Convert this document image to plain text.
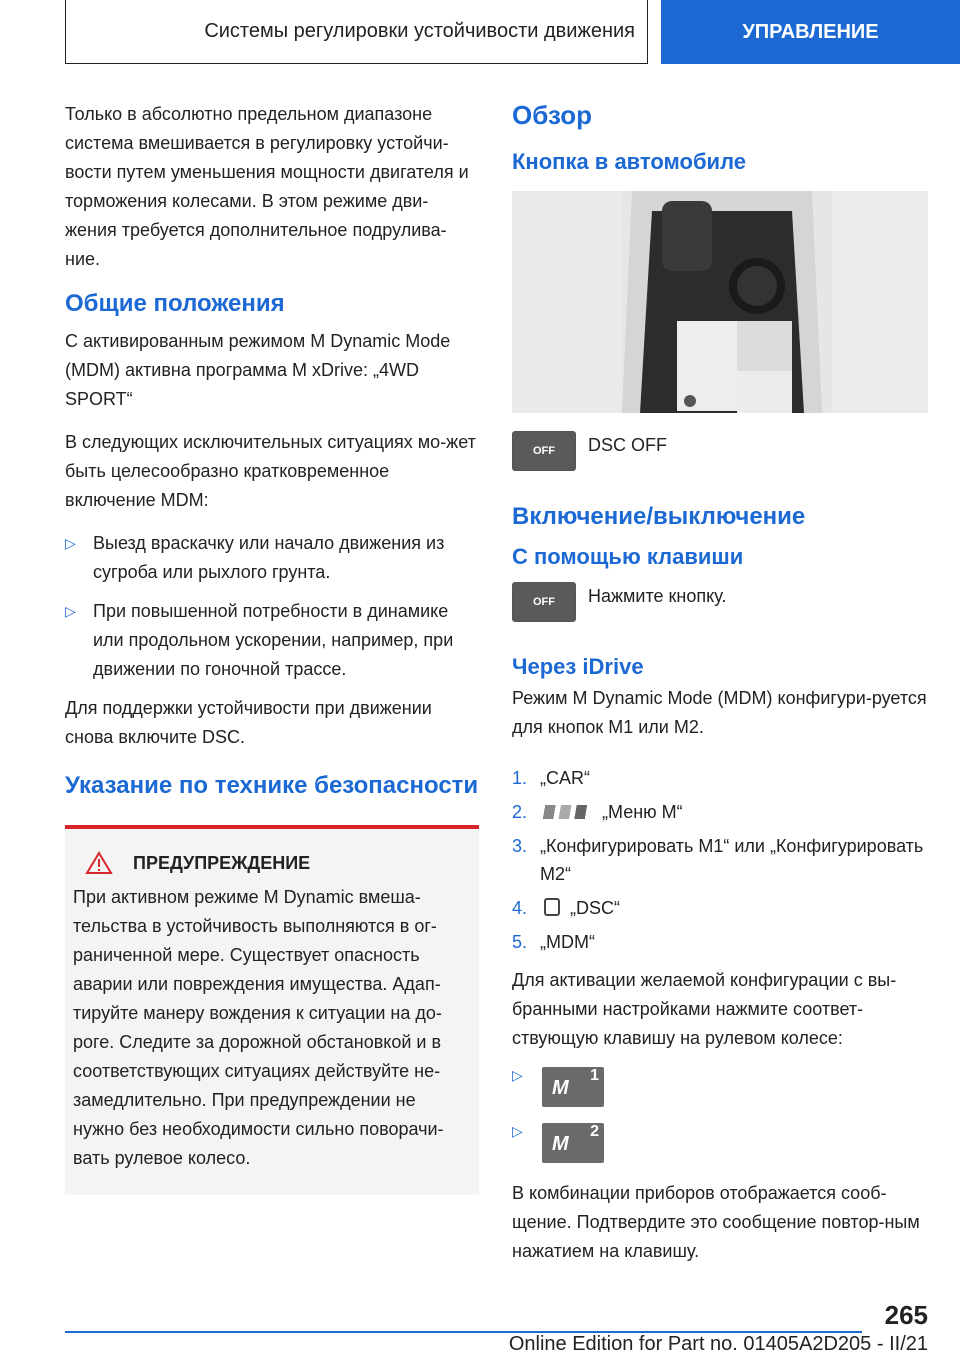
Системы регулировки устойчивости движения	УПРАВЛЕНИЕ

Только в абсолютно предельном диапазоне система вмешивается в регулировку устойчи-вости путем уменьшения мощности двигателя и торможения колесами. В этом режиме дви-жения требуется дополнительное подрулива-ние.

Общие положения

С активированным режимом M Dynamic Mode (MDM) активна программа M xDrive: „4WD SPORT“

В следующих исключительных ситуациях мо-жет быть целесообразно кратковременное включение MDM:

▷ Выезд враскачку или начало движения из сугроба или рыхлого грунта.
▷ При повышенной потребности в динамике или продольном ускорении, например, при движении по гоночной трассе.

Для поддержки устойчивости при движении снова включите DSC.

Указание по технике безопасности
ПРЕДУПРЕЖДЕНИЕ

При активном режиме M Dynamic вмеша-тельства в устойчивость выполняются в ог-раниченной мере. Существует опасность аварии или повреждения имущества. Адап-тируйте манеру вождения к ситуации на до-роге. Следите за дорожной обстановкой и в соответствующих ситуациях действуйте не-замедлительно. При предупреждении не нужно без необходимости сильно поворачи-вать рулевое колесо.

Обзор
Кнопка в автомобиле
OFF DSC OFF
Включение/выключение
С помощью клавиши
OFF Нажмите кнопку.
Через iDrive

Режим M Dynamic Mode (MDM) конфигури-руется для кнопок M1 или M2.

1. „CAR“
2.	„Меню M“
3. „Конфигурировать M1“ или „Конфигурировать M2“
4.	„DSC“
5. „MDM“

Для активации желаемой конфигурации с вы-бранными настройками нажмите соответ-ствующую клавишу на рулевом колесе:

▷
M
1
▷
M
2

В комбинации приборов отображается сооб-щение. Подтвердите это сообщение повтор-ным нажатием на клавишу.

265
Online Edition for Part no. 01405A2D205 - II/21
